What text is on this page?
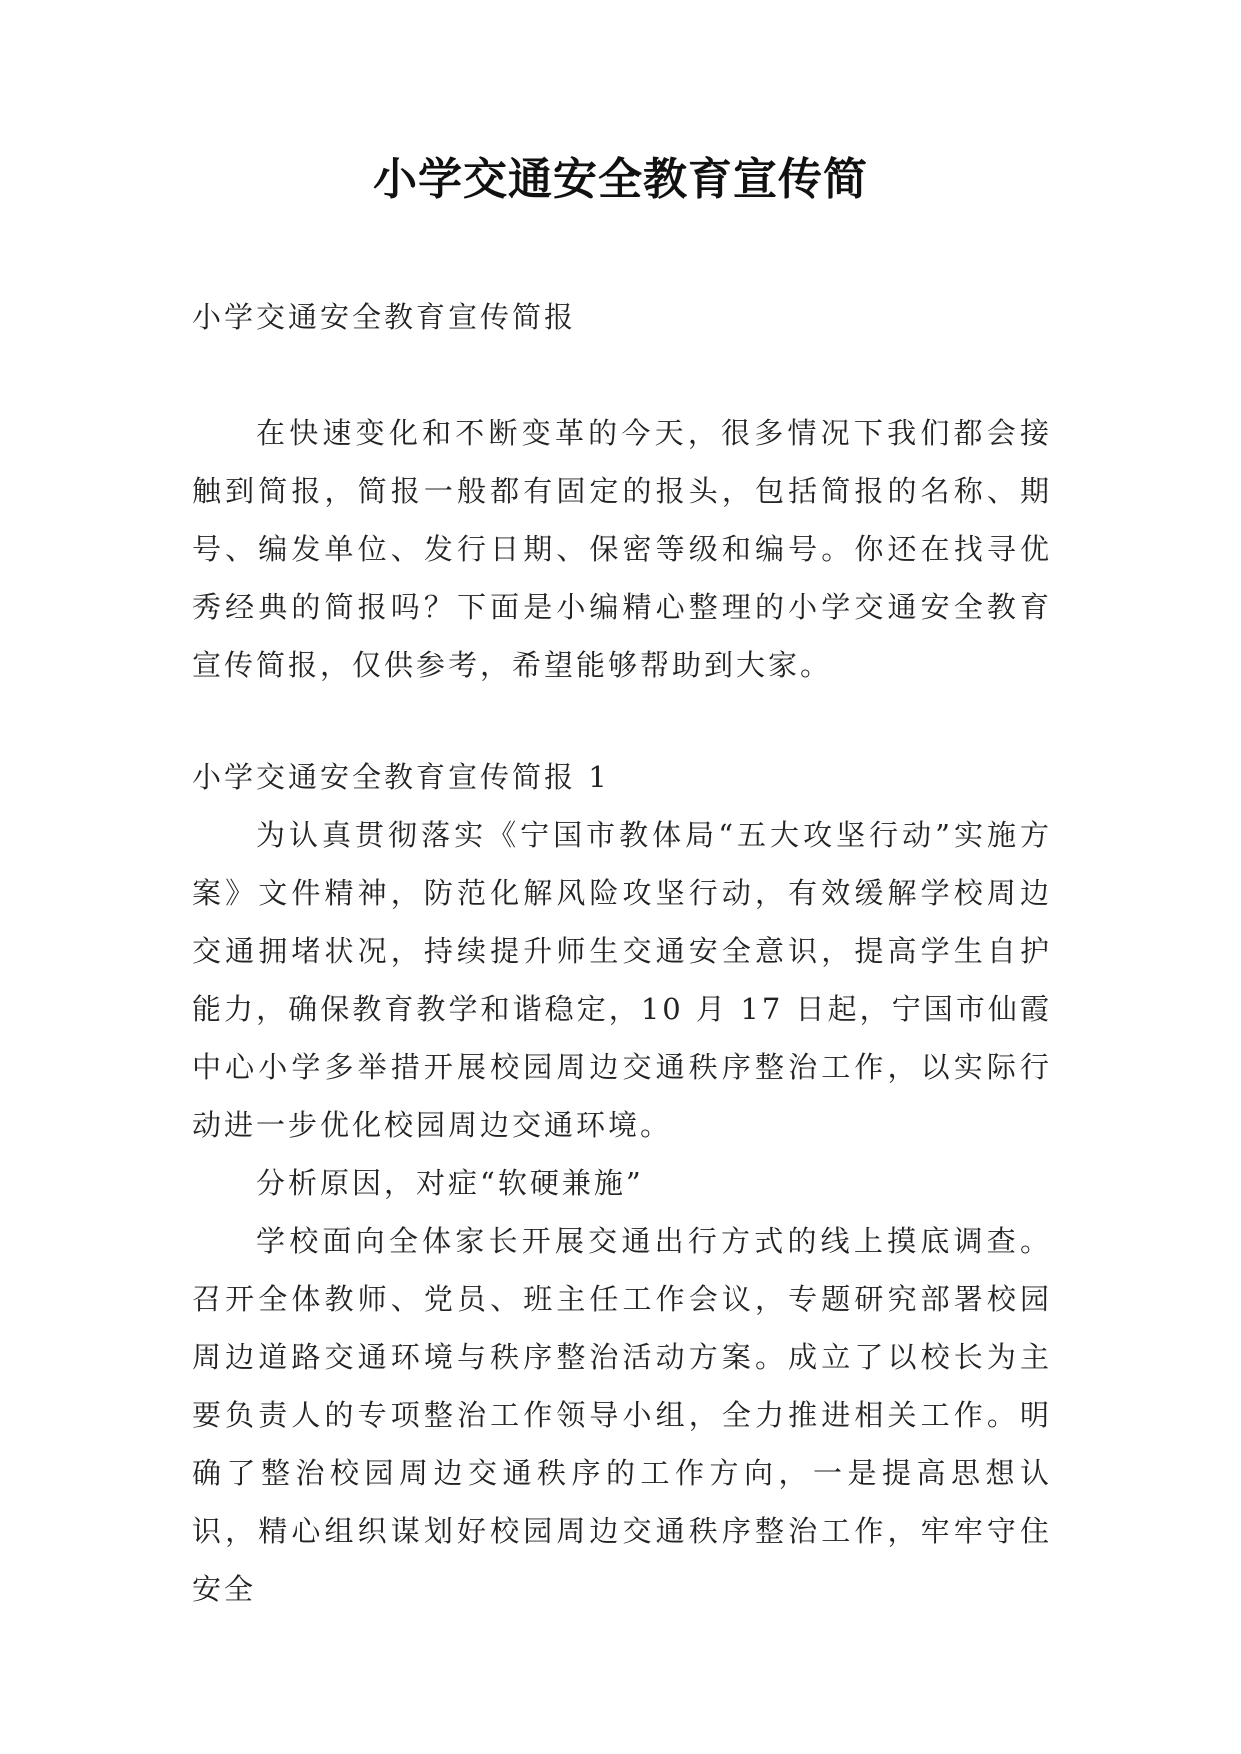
小学交通安全教育宣传简
小学交通安全教育宣传简报
在快速变化和不断变革的今天，很多情况下我们都会接触到简报，简报一般都有固定的报头，包括简报的名称、期号、编发单位、发行日期、保密等级和编号。你还在找寻优秀经典的简报吗？下面是小编精心整理的小学交通安全教育宣传简报，仅供参考，希望能够帮助到大家。
小学交通安全教育宣传简报 1
为认真贯彻落实《宁国市教体局“五大攻坚行动”实施方案》文件精神，防范化解风险攻坚行动，有效缓解学校周边交通拥堵状况，持续提升师生交通安全意识，提高学生自护能力，确保教育教学和谐稳定，10 月 17 日起，宁国市仙霞中心小学多举措开展校园周边交通秩序整治工作，以实际行动进一步优化校园周边交通环境。
分析原因，对症“软硬兼施”
学校面向全体家长开展交通出行方式的线上摸底调查。召开全体教师、党员、班主任工作会议，专题研究部署校园周边道路交通环境与秩序整治活动方案。成立了以校长为主要负责人的专项整治工作领导小组，全力推进相关工作。明确了整治校园周边交通秩序的工作方向，一是提高思想认识，精心组织谋划好校园周边交通秩序整治工作，牢牢守住安全
